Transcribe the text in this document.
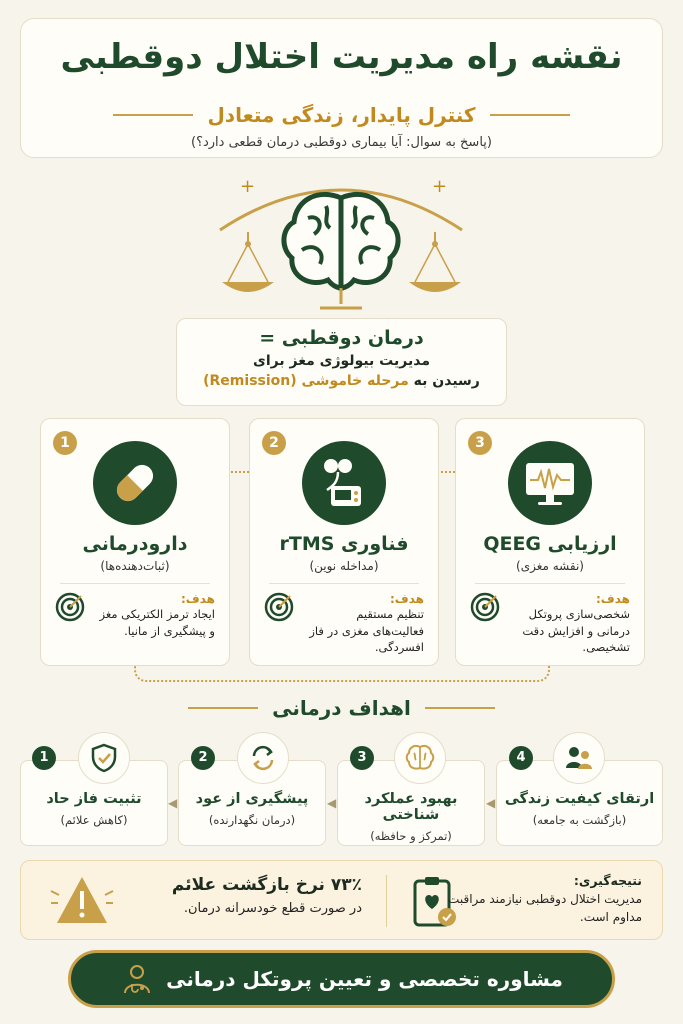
نقشه راه مدیریت اختلال دوقطبی
کنترل پایدار، زندگی متعادل
(پاسخ به سوال: آیا بیماری دوقطبی درمان قطعی دارد؟)
+	+
درمان دوقطبی =
مدیریت بیولوژی مغز برای
رسیدن به مرحله خاموشی (Remission)
1
دارودرمانی
(ثبات‌دهنده‌ها)
هدف:
ایجاد ترمز الکتریکی مغز و پیشگیری از مانیا.
2
فناوری rTMS
(مداخله نوین)
هدف:
تنظیم مستقیم فعالیت‌های مغزی در فاز افسردگی.
3
ارزیابی QEEG
(نقشه مغزی)
هدف:
شخصی‌سازی پروتکل درمانی و افزایش دقت تشخیصی.
اهداف درمانی
تثبیت فاز حاد
(کاهش علائم)
پیشگیری از عود
(درمان نگهدارنده)
بهبود عملکرد شناختی
(تمرکز و حافظه)
ارتقای کیفیت زندگی
(بازگشت به جامعه)
1	2	3	4
◀	◀	◀
۷۳٪ نرخ بازگشت علائم
در صورت قطع خودسرانه درمان.
نتیجه‌گیری:
مدیریت اختلال دوقطبی نیازمند مراقبت مداوم است.
مشاوره تخصصی و تعیین پروتکل درمانی
